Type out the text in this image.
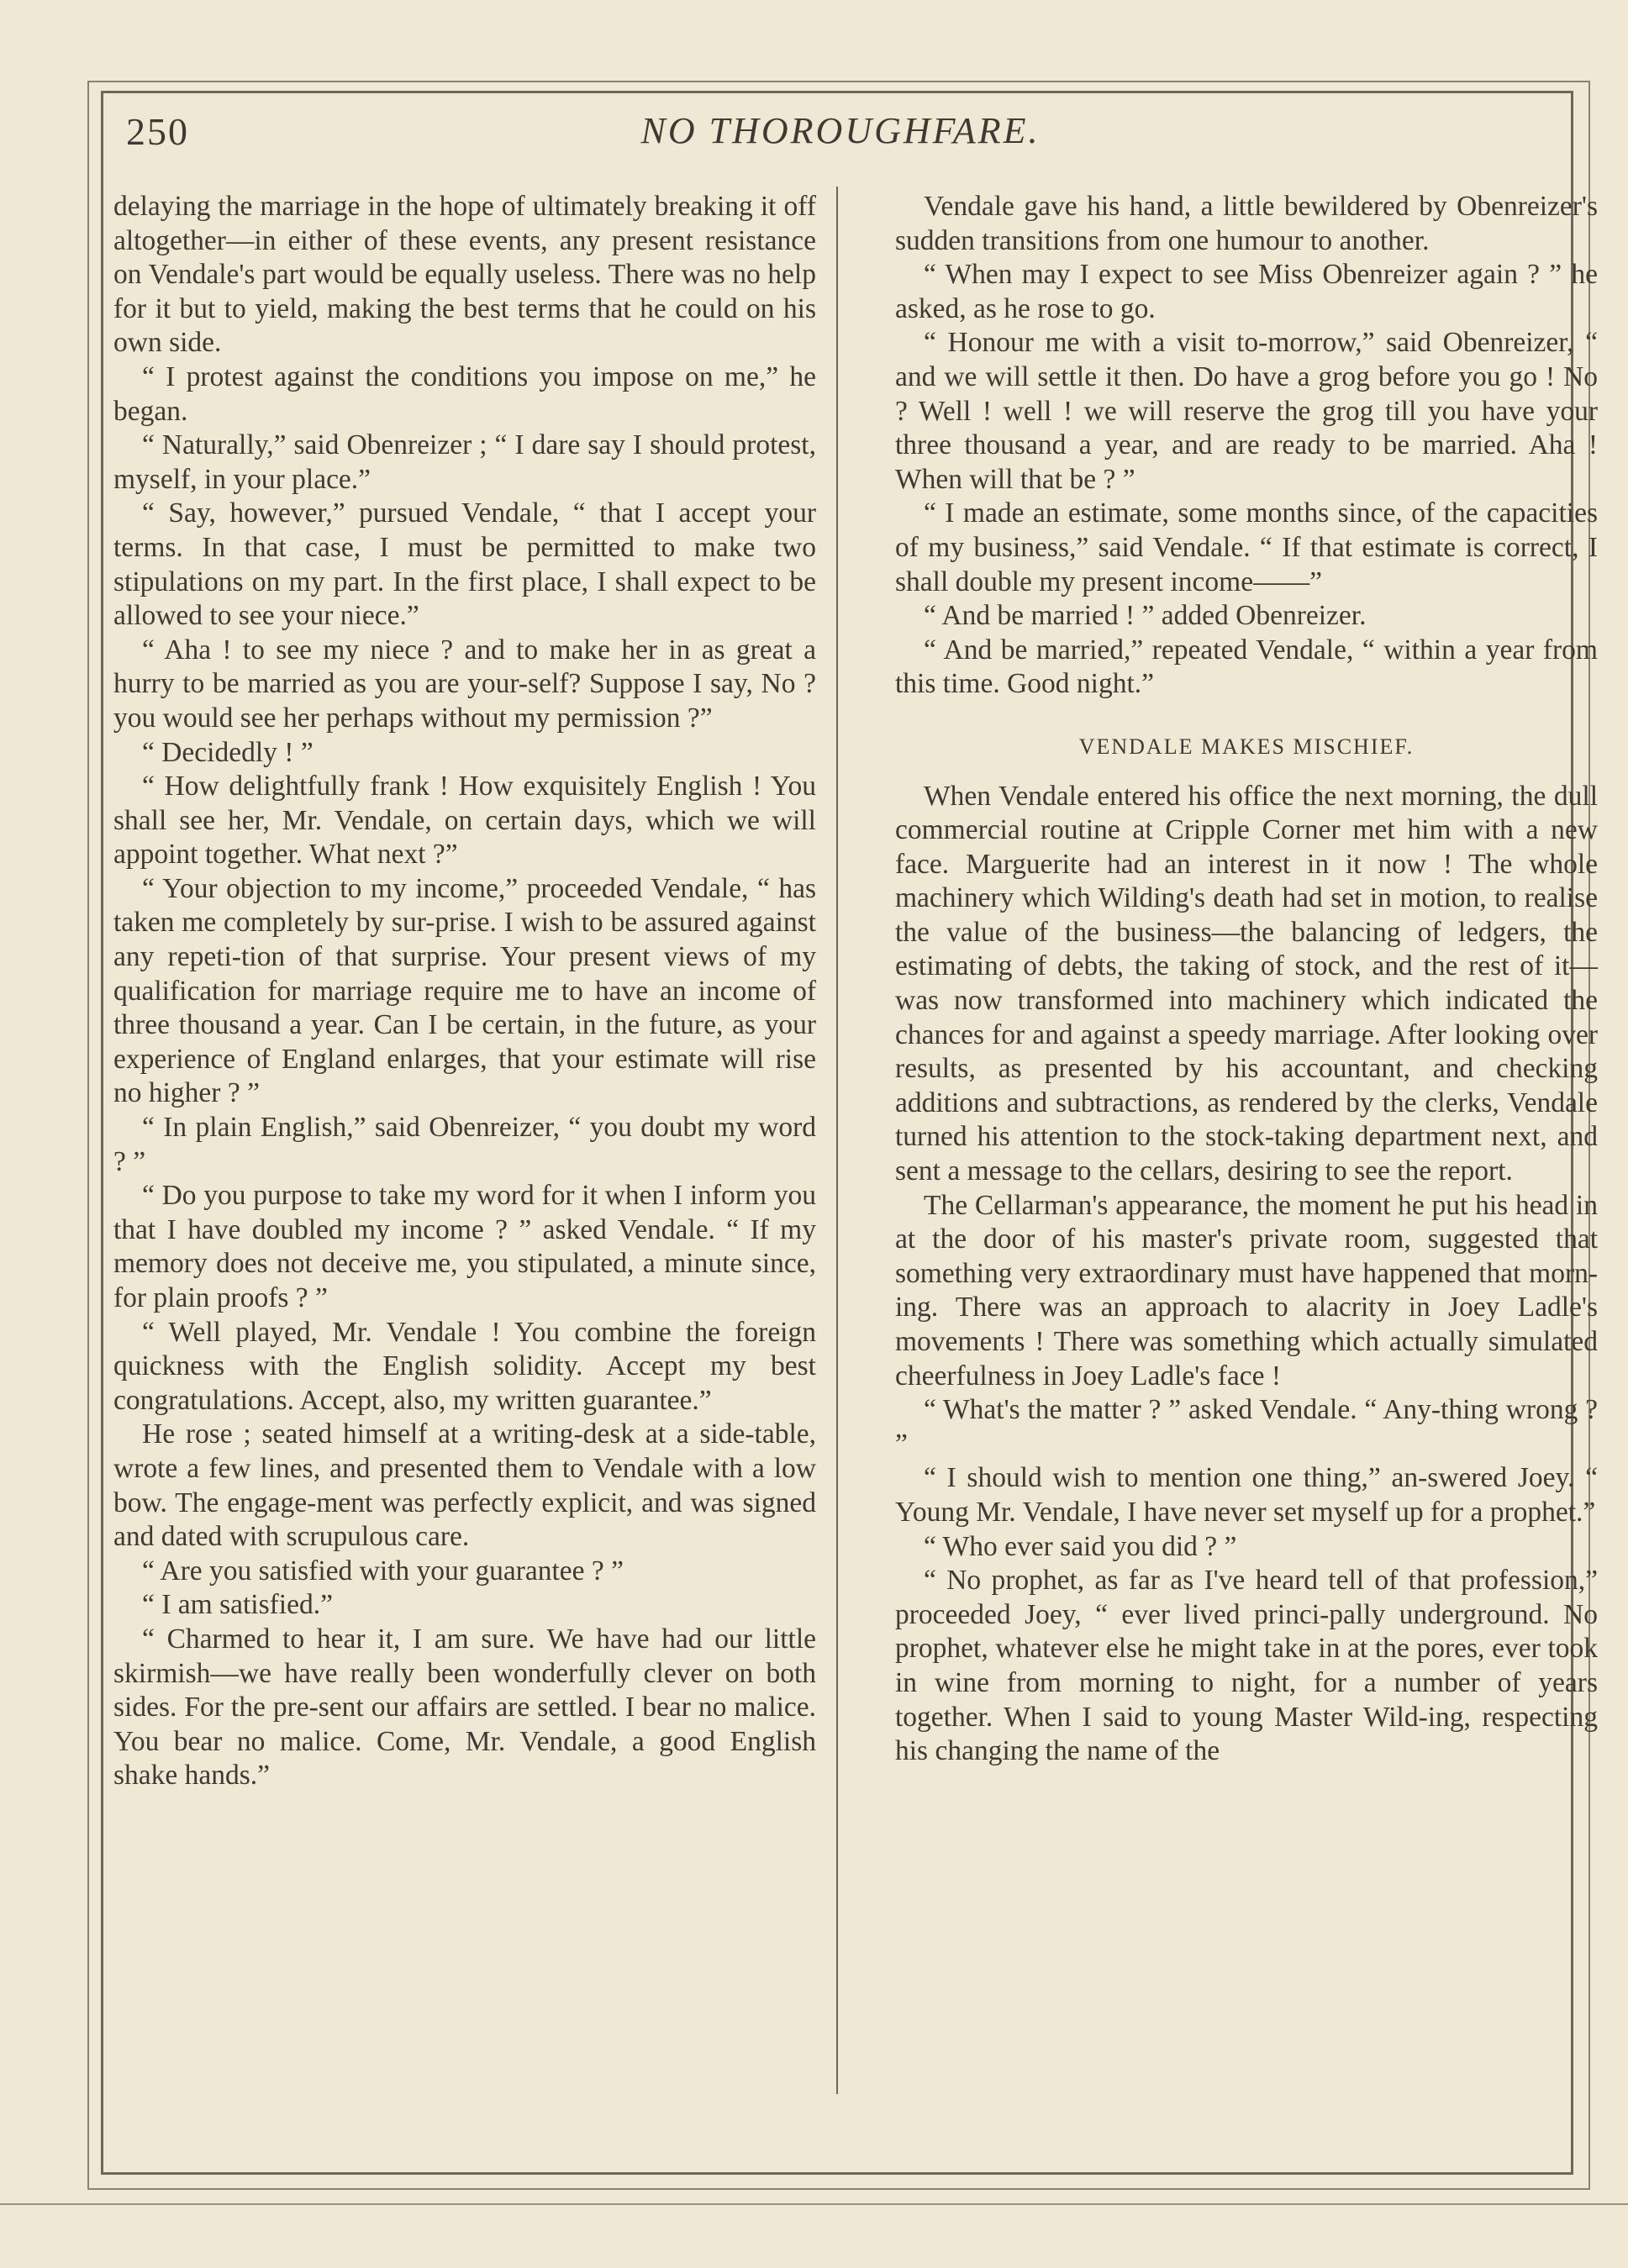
250	NO THOROUGHFARE.

delaying the marriage in the hope of ultimately breaking it off altogether—in either of these events, any present resistance on Vendale's part would be equally useless. There was no help for it but to yield, making the best terms that he could on his own side.

“ I protest against the conditions you impose on me,” he began.

“ Naturally,” said Obenreizer ; “ I dare say I should protest, myself, in your place.”

“ Say, however,” pursued Vendale, “ that I accept your terms. In that case, I must be permitted to make two stipulations on my part. In the first place, I shall expect to be allowed to see your niece.”

“ Aha ! to see my niece ? and to make her in as great a hurry to be married as you are your-self? Suppose I say, No ? you would see her perhaps without my permission ?”

“ Decidedly ! ”

“ How delightfully frank ! How exquisitely English ! You shall see her, Mr. Vendale, on certain days, which we will appoint together. What next ?”

“ Your objection to my income,” proceeded Vendale, “ has taken me completely by sur-prise. I wish to be assured against any repeti-tion of that surprise. Your present views of my qualification for marriage require me to have an income of three thousand a year. Can I be certain, in the future, as your experience of England enlarges, that your estimate will rise no higher ? ”

“ In plain English,” said Obenreizer, “ you doubt my word ? ”

“ Do you purpose to take my word for it when I inform you that I have doubled my income ? ” asked Vendale. “ If my memory does not deceive me, you stipulated, a minute since, for plain proofs ? ”

“ Well played, Mr. Vendale ! You combine the foreign quickness with the English solidity. Accept my best congratulations. Accept, also, my written guarantee.”

He rose ; seated himself at a writing-desk at a side-table, wrote a few lines, and presented them to Vendale with a low bow. The engage-ment was perfectly explicit, and was signed and dated with scrupulous care.

“ Are you satisfied with your guarantee ? ”

“ I am satisfied.”

“ Charmed to hear it, I am sure. We have had our little skirmish—we have really been wonderfully clever on both sides. For the pre-sent our affairs are settled. I bear no malice. You bear no malice. Come, Mr. Vendale, a good English shake hands.”

Vendale gave his hand, a little bewildered by Obenreizer's sudden transitions from one humour to another.

“ When may I expect to see Miss Obenreizer again ? ” he asked, as he rose to go.

“ Honour me with a visit to-morrow,” said Obenreizer, “ and we will settle it then. Do have a grog before you go ! No ? Well ! well ! we will reserve the grog till you have your three thousand a year, and are ready to be married. Aha ! When will that be ? ”

“ I made an estimate, some months since, of the capacities of my business,” said Vendale. “ If that estimate is correct, I shall double my present income——”

“ And be married ! ” added Obenreizer.

“ And be married,” repeated Vendale, “ within a year from this time. Good night.”

VENDALE MAKES MISCHIEF.

When Vendale entered his office the next morning, the dull commercial routine at Cripple Corner met him with a new face. Marguerite had an interest in it now ! The whole machinery which Wilding's death had set in motion, to realise the value of the business—the balancing of ledgers, the estimating of debts, the taking of stock, and the rest of it—was now transformed into machinery which indicated the chances for and against a speedy marriage. After looking over results, as presented by his accountant, and checking additions and subtractions, as rendered by the clerks, Vendale turned his attention to the stock-taking department next, and sent a message to the cellars, desiring to see the report.

The Cellarman's appearance, the moment he put his head in at the door of his master's private room, suggested that something very extraordinary must have happened that morn-ing. There was an approach to alacrity in Joey Ladle's movements ! There was something which actually simulated cheerfulness in Joey Ladle's face !

“ What's the matter ? ” asked Vendale. “ Any-thing wrong ? ”

“ I should wish to mention one thing,” an-swered Joey. “ Young Mr. Vendale, I have never set myself up for a prophet.”

“ Who ever said you did ? ”

“ No prophet, as far as I've heard tell of that profession,” proceeded Joey, “ ever lived princi-pally underground. No prophet, whatever else he might take in at the pores, ever took in wine from morning to night, for a number of years together. When I said to young Master Wild-ing, respecting his changing the name of the
